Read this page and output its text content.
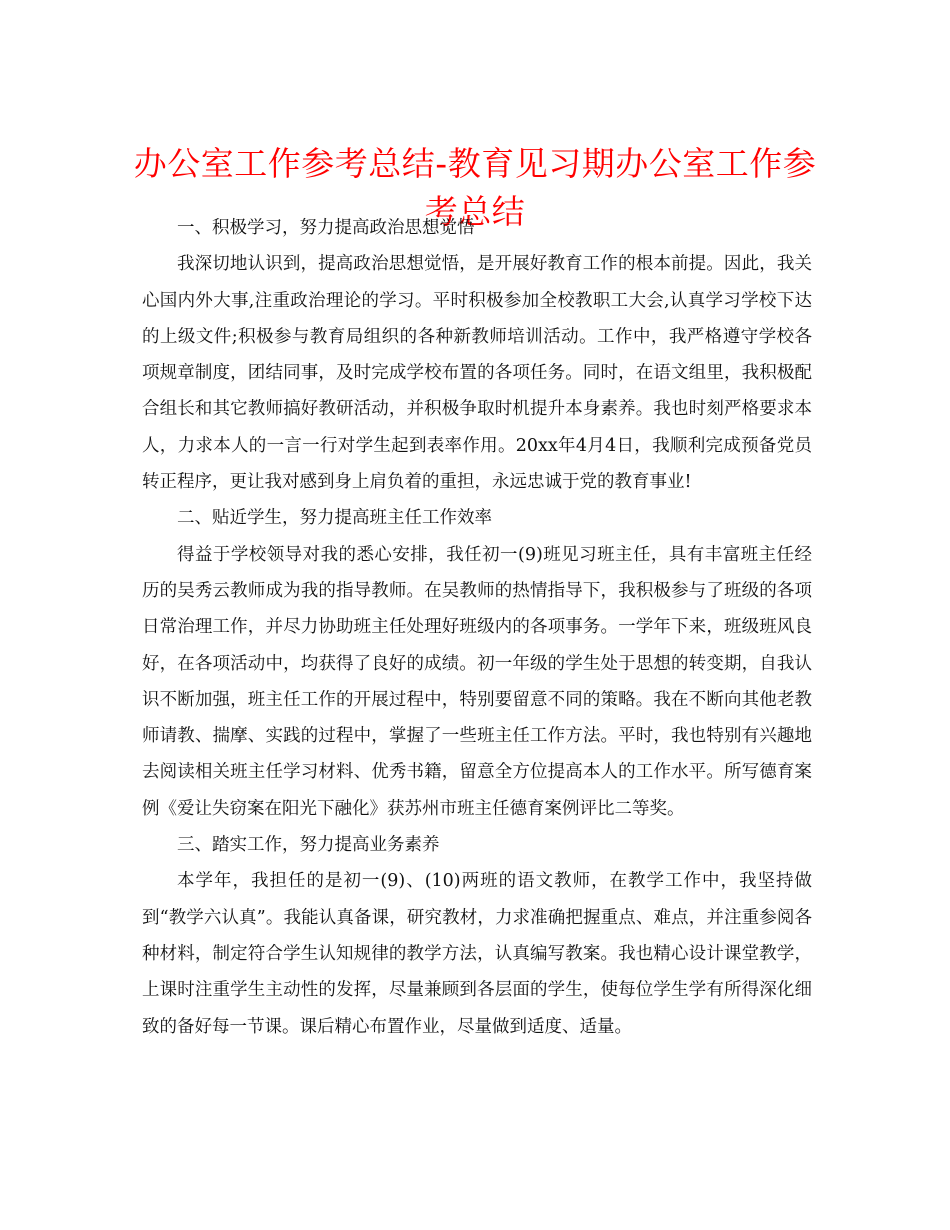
办公室工作参考总结-教育见习期办公室工作参考总结

一、积极学习，努力提高政治思想觉悟

我深切地认识到，提高政治思想觉悟，是开展好教育工作的根本前提。因此，我关心国内外大事,注重政治理论的学习。平时积极参加全校教职工大会,认真学习学校下达的上级文件;积极参与教育局组织的各种新教师培训活动。工作中，我严格遵守学校各项规章制度，团结同事，及时完成学校布置的各项任务。同时，在语文组里，我积极配合组长和其它教师搞好教研活动，并积极争取时机提升本身素养。我也时刻严格要求本人，力求本人的一言一行对学生起到表率作用。20xx年4月4日，我顺利完成预备党员转正程序，更让我对感到身上肩负着的重担，永远忠诚于党的教育事业!

二、贴近学生，努力提高班主任工作效率

得益于学校领导对我的悉心安排，我任初一(9)班见习班主任，具有丰富班主任经历的吴秀云教师成为我的指导教师。在吴教师的热情指导下，我积极参与了班级的各项日常治理工作，并尽力协助班主任处理好班级内的各项事务。一学年下来，班级班风良好，在各项活动中，均获得了良好的成绩。初一年级的学生处于思想的转变期，自我认识不断加强，班主任工作的开展过程中，特别要留意不同的策略。我在不断向其他老教师请教、揣摩、实践的过程中，掌握了一些班主任工作方法。平时，我也特别有兴趣地去阅读相关班主任学习材料、优秀书籍，留意全方位提高本人的工作水平。所写德育案例《爱让失窃案在阳光下融化》获苏州市班主任德育案例评比二等奖。

三、踏实工作，努力提高业务素养

本学年，我担任的是初一(9)、(10)两班的语文教师，在教学工作中，我坚持做到“教学六认真”。我能认真备课，研究教材，力求准确把握重点、难点，并注重参阅各种材料，制定符合学生认知规律的教学方法，认真编写教案。我也精心设计课堂教学，上课时注重学生主动性的发挥，尽量兼顾到各层面的学生，使每位学生学有所得深化细致的备好每一节课。课后精心布置作业，尽量做到适度、适量。
